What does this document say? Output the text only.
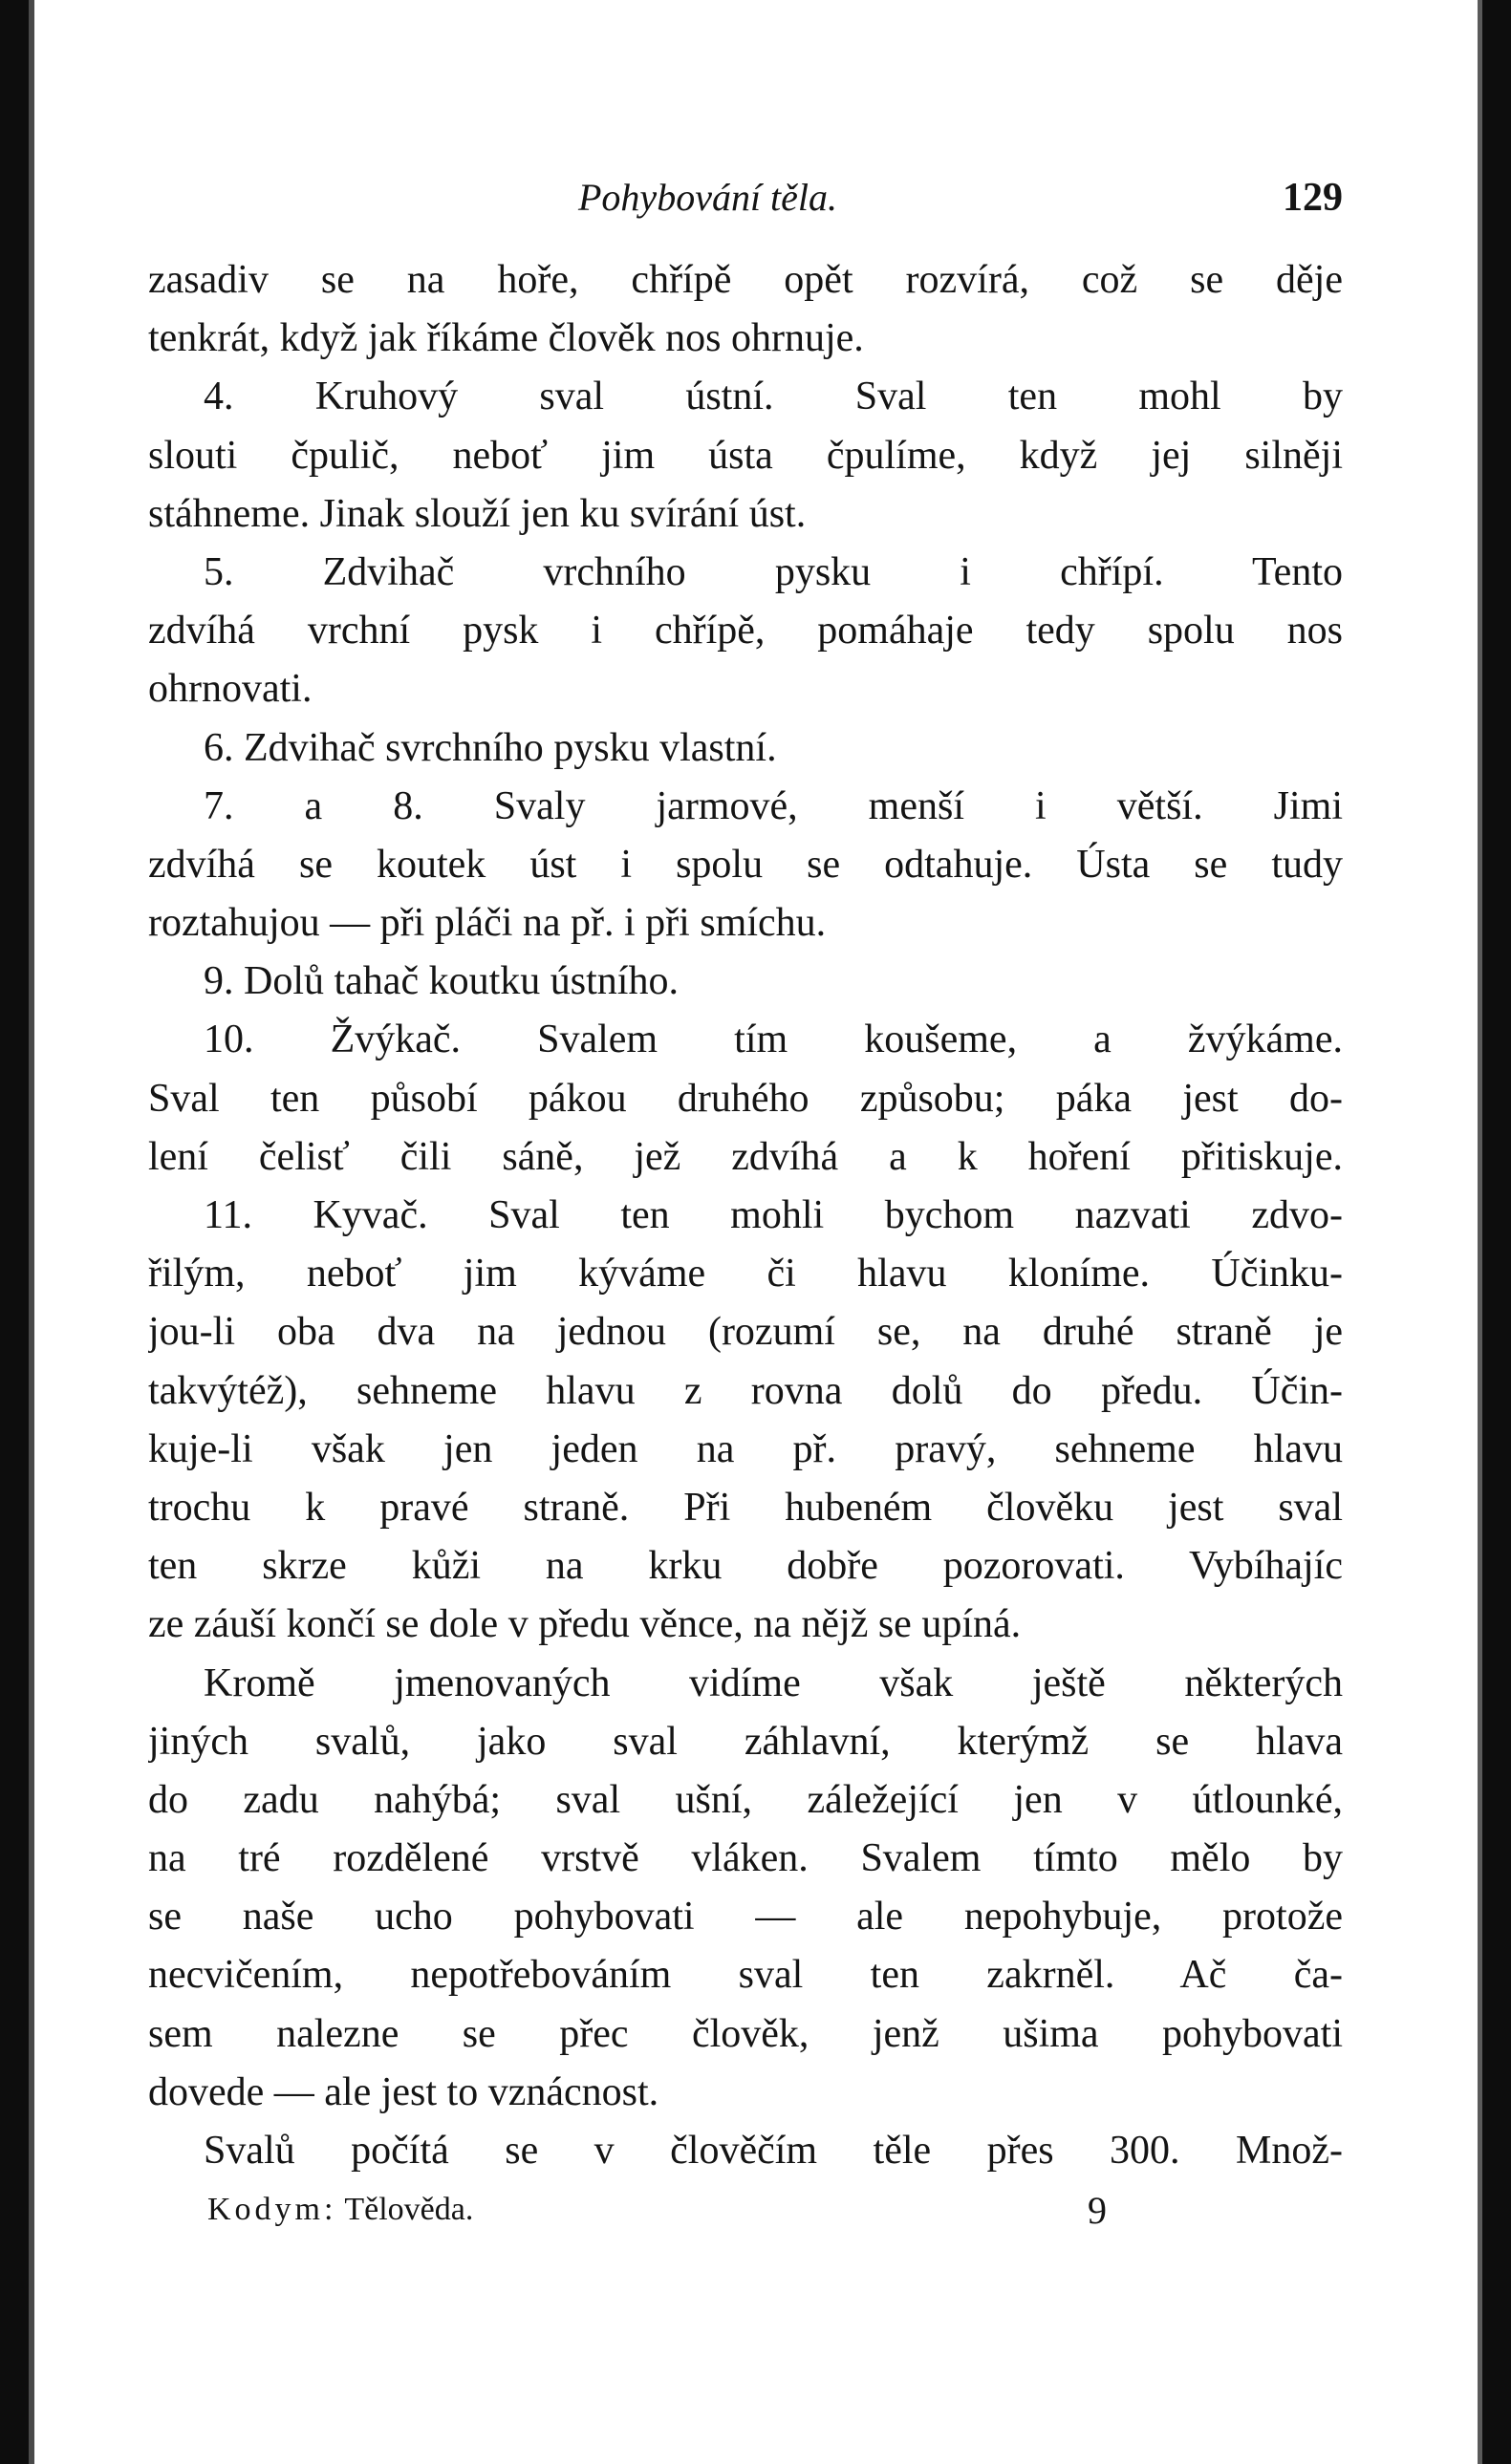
Pohybování těla.	129
zasadiv se na hoře, chřípě opět rozvírá, což se děje
tenkrát, když jak říkáme člověk nos ohrnuje.
4. Kruhový sval ústní. Sval ten mohl by
slouti čpulič, neboť jim ústa čpulíme, když jej silněji
stáhneme. Jinak slouží jen ku svírání úst.
5. Zdvihač vrchního pysku i chřípí. Tento
zdvíhá vrchní pysk i chřípě, pomáhaje tedy spolu nos
ohrnovati.
6. Zdvihač svrchního pysku vlastní.
7. a 8. Svaly jarmové, menší i větší. Jimi
zdvíhá se koutek úst i spolu se odtahuje. Ústa se tudy
roztahujou — při pláči na př. i při smíchu.
9. Dolů tahač koutku ústního.
10. Žvýkač. Svalem tím koušeme, a žvýkáme.
Sval ten působí pákou druhého způsobu; páka jest do-
lení čelisť čili sáně, jež zdvíhá a k hoření přitiskuje.
11. Kyvač. Sval ten mohli bychom nazvati zdvo-
řilým, neboť jim kýváme či hlavu kloníme. Účinku-
jou-li oba dva na jednou (rozumí se, na druhé straně je
takvýtéž), sehneme hlavu z rovna dolů do předu. Účin-
kuje-li však jen jeden na př. pravý, sehneme hlavu
trochu k pravé straně. Při hubeném člověku jest sval
ten skrze kůži na krku dobře pozorovati. Vybíhajíc
ze záuší končí se dole v předu věnce, na nějž se upíná.
Kromě jmenovaných vidíme však ještě některých
jiných svalů, jako sval záhlavní, kterýmž se hlava
do zadu nahýbá; sval ušní, záležející jen v útlounké,
na tré rozdělené vrstvě vláken. Svalem tímto mělo by
se naše ucho pohybovati — ale nepohybuje, protože
necvičením, nepotřebováním sval ten zakrněl. Ač ča-
sem nalezne se přec člověk, jenž ušima pohybovati
dovede — ale jest to vznácnost.
Svalů počítá se v člověčím těle přes 300. Množ-
Kodym: Tělověda.	9
